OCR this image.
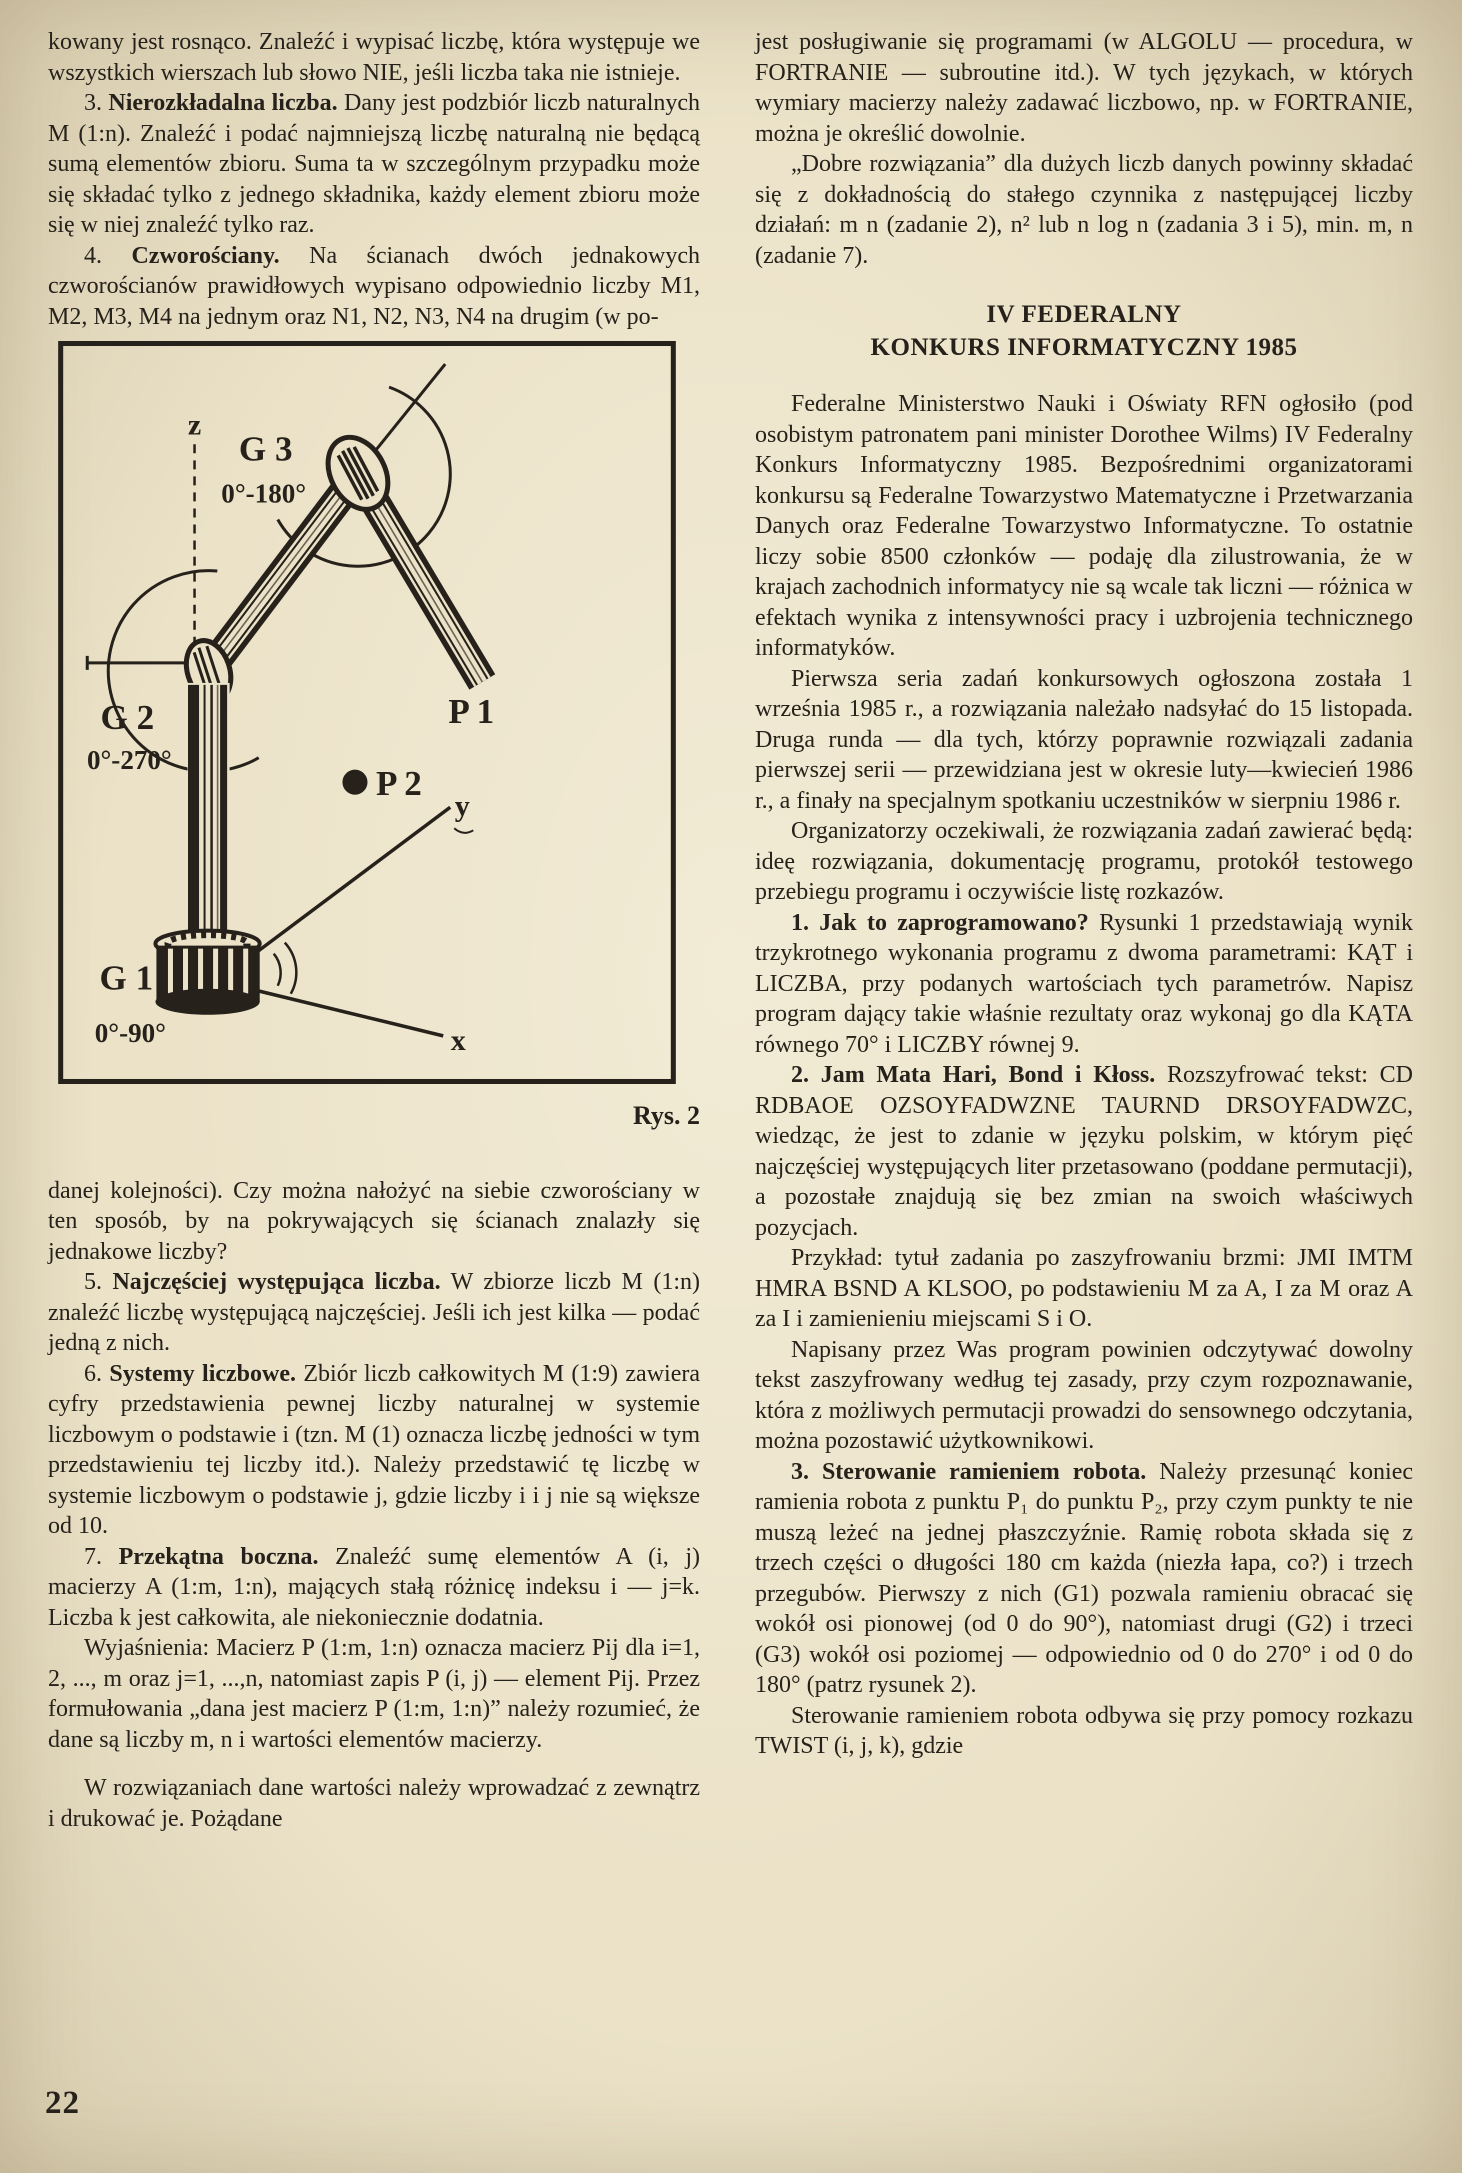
kowany jest rosnąco. Znaleźć i wypisać liczbę, która występuje we wszystkich wierszach lub słowo NIE, jeśli liczba taka nie istnieje.

3. Nierozkładalna liczba. Dany jest podzbiór liczb naturalnych M (1:n). Znaleźć i podać najmniejszą liczbę naturalną nie będącą sumą elementów zbioru. Suma ta w szczególnym przypadku może się składać tylko z jednego składnika, każdy element zbioru może się w niej znaleźć tylko raz.

4. Czworościany. Na ścianach dwóch jednakowych czworościanów prawidłowych wypisano odpowiednio liczby M1, M2, M3, M4 na jednym oraz N1, N2, N3, N4 na drugim (w po-

z
y
x
G 3
0°-180°
G 2
0°-270°
G 1
0°-90°
P 1
P 2
Rys. 2

danej kolejności). Czy można nałożyć na siebie czworościany w ten sposób, by na pokrywających się ścianach znalazły się jednakowe liczby?

5. Najczęściej występująca liczba. W zbiorze liczb M (1:n) znaleźć liczbę występującą najczęściej. Jeśli ich jest kilka — podać jedną z nich.

6. Systemy liczbowe. Zbiór liczb całkowitych M (1:9) zawiera cyfry przedstawienia pewnej liczby naturalnej w systemie liczbowym o podstawie i (tzn. M (1) oznacza liczbę jedności w tym przedstawieniu tej liczby itd.). Należy przedstawić tę liczbę w systemie liczbowym o podstawie j, gdzie liczby i i j nie są większe od 10.

7. Przekątna boczna. Znaleźć sumę elementów A (i, j) macierzy A (1:m, 1:n), mających stałą różnicę indeksu i — j=k. Liczba k jest całkowita, ale niekoniecznie dodatnia.

Wyjaśnienia: Macierz P (1:m, 1:n) oznacza macierz Pij dla i=1, 2, ..., m oraz j=1, ...,n, natomiast zapis P (i, j) — element Pij. Przez formułowania „dana jest macierz P (1:m, 1:n)” należy rozumieć, że dane są liczby m, n i wartości elementów macierzy.

W rozwiązaniach dane wartości należy wprowadzać z zewnątrz i drukować je. Pożądane

jest posługiwanie się programami (w ALGOLU — procedura, w FORTRANIE — subroutine itd.). W tych językach, w których wymiary macierzy należy zadawać liczbowo, np. w FORTRANIE, można je określić dowolnie.

„Dobre rozwiązania” dla dużych liczb danych powinny składać się z dokładnością do stałego czynnika z następującej liczby działań: m n (zadanie 2), n² lub n log n (zadania 3 i 5), min. m, n (zadanie 7).

IV FEDERALNY
KONKURS INFORMATYCZNY 1985

Federalne Ministerstwo Nauki i Oświaty RFN ogłosiło (pod osobistym patronatem pani minister Dorothee Wilms) IV Federalny Konkurs Informatyczny 1985. Bezpośrednimi organizatorami konkursu są Federalne Towarzystwo Matematyczne i Przetwarzania Danych oraz Federalne Towarzystwo Informatyczne. To ostatnie liczy sobie 8500 członków — podaję dla zilustrowania, że w krajach zachodnich informatycy nie są wcale tak liczni — różnica w efektach wynika z intensywności pracy i uzbrojenia technicznego informatyków.

Pierwsza seria zadań konkursowych ogłoszona została 1 września 1985 r., a rozwiązania należało nadsyłać do 15 listopada. Druga runda — dla tych, którzy poprawnie rozwiązali zadania pierwszej serii — przewidziana jest w okresie luty—kwiecień 1986 r., a finały na specjalnym spotkaniu uczestników w sierpniu 1986 r.

Organizatorzy oczekiwali, że rozwiązania zadań zawierać będą: ideę rozwiązania, dokumentację programu, protokół testowego przebiegu programu i oczywiście listę rozkazów.

1. Jak to zaprogramowano? Rysunki 1 przedstawiają wynik trzykrotnego wykonania programu z dwoma parametrami: KĄT i LICZBA, przy podanych wartościach tych parametrów. Napisz program dający takie właśnie rezultaty oraz wykonaj go dla KĄTA równego 70° i LICZBY równej 9.

2. Jam Mata Hari, Bond i Kłoss. Rozszyfrować tekst: CD RDBAOE OZSOYFADWZNE TAURND DRSOYFADWZC, wiedząc, że jest to zdanie w języku polskim, w którym pięć najczęściej występujących liter przetasowano (poddane permutacji), a pozostałe znajdują się bez zmian na swoich właściwych pozycjach.

Przykład: tytuł zadania po zaszyfrowaniu brzmi: JMI IMTM HMRA BSND A KLSOO, po podstawieniu M za A, I za M oraz A za I i zamienieniu miejscami S i O.

Napisany przez Was program powinien odczytywać dowolny tekst zaszyfrowany według tej zasady, przy czym rozpoznawanie, która z możliwych permutacji prowadzi do sensownego odczytania, można pozostawić użytkownikowi.

3. Sterowanie ramieniem robota. Należy przesunąć koniec ramienia robota z punktu P₁ do punktu P₂, przy czym punkty te nie muszą leżeć na jednej płaszczyźnie. Ramię robota składa się z trzech części o długości 180 cm każda (niezła łapa, co?) i trzech przegubów. Pierwszy z nich (G1) pozwala ramieniu obracać się wokół osi pionowej (od 0 do 90°), natomiast drugi (G2) i trzeci (G3) wokół osi poziomej — odpowiednio od 0 do 270° i od 0 do 180° (patrz rysunek 2).

Sterowanie ramieniem robota odbywa się przy pomocy rozkazu TWIST (i, j, k), gdzie

22
